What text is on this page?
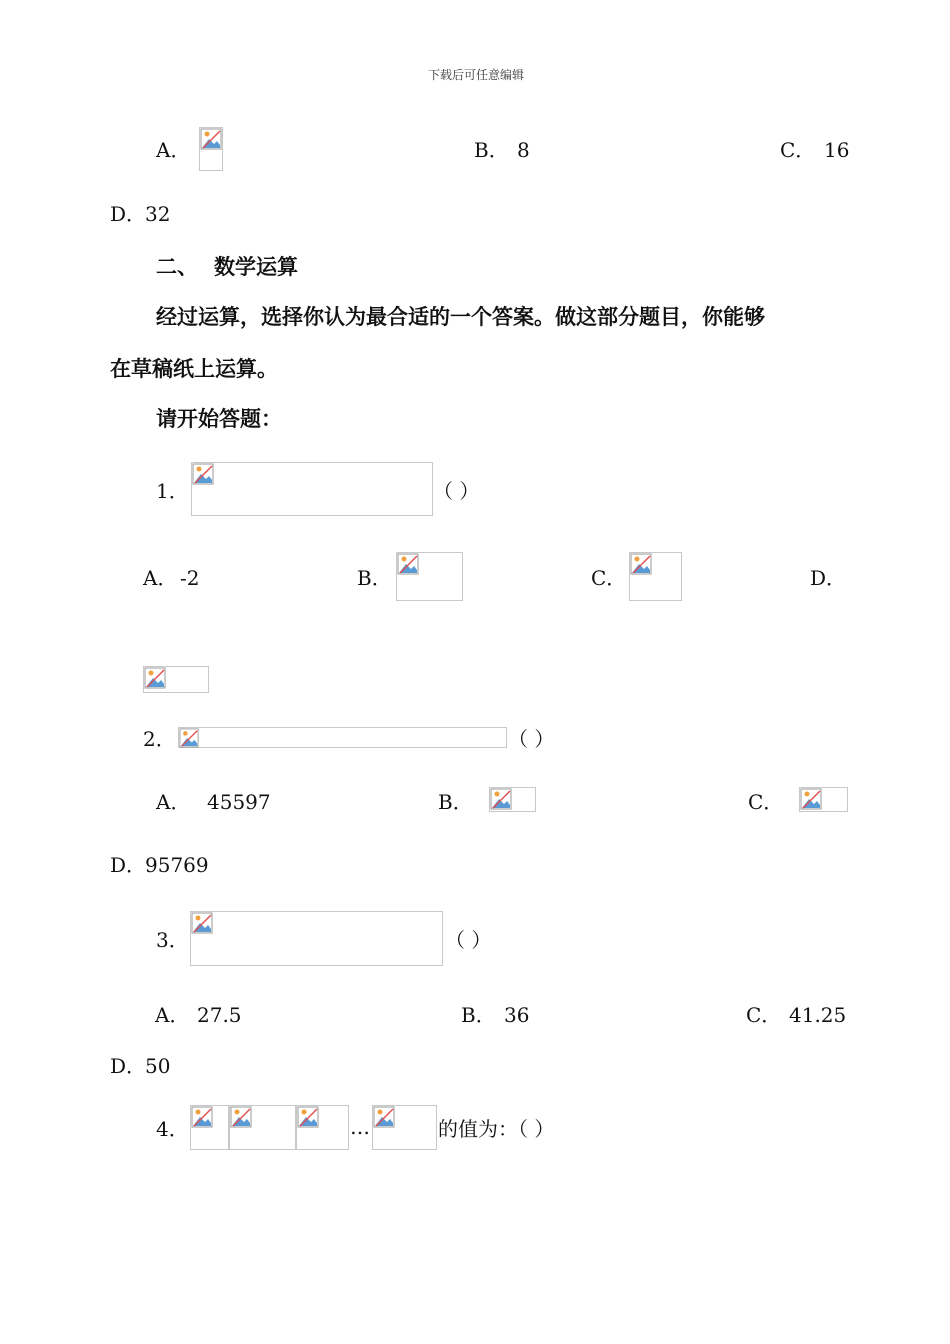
下载后可任意编辑
A．	B． 8	C． 16
D．
32
二、 数学运算
经过运算，选择你认为最合适的一个答案。做这部分题目，你能够
在草稿纸上运算。
请开始答题：
1．	（ ）
A． -2	B．	C．	D．
2．	（ ）
A． 45597	B．	C．
D．
95769
3．	（ ）
A． 27.5	B． 36	C． 41.25
D．
50
4．	…	的值为：（ ）
